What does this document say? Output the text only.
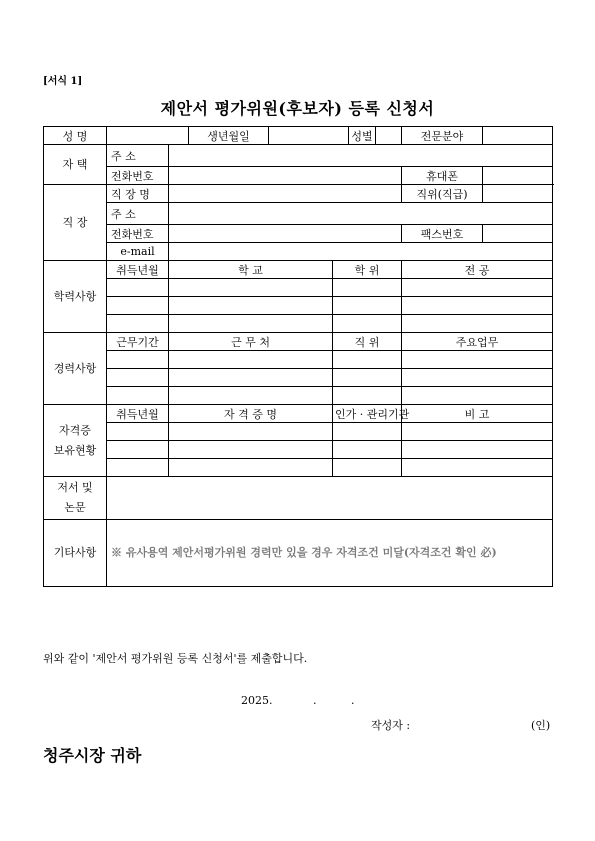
[서식 1]
제안서 평가위원(후보자) 등록 신청서
성 명			생년월일			성별		전문분야	
자 택	주 소								
	전화번호							휴대폰	
직 장	직 장 명							직위(직급)	
	주 소								
	전화번호							팩스번호	
	e-mail								
학력사항	취득년월	학 교			학 위			전 공	

경력사항	근무기간	근 무 처			직 위			주요업무	

자격증
보유현황	취득년월	자 격 증 명			인가 · 관리기관			비 고	

저서 및
논문									
기타사항	※ 유사용역 제안서평가위원 경력만 있을 경우 자격조건 미달(자격조건 확인 必)								
위와 같이 '제안서 평가위원 등록 신청서'를 제출합니다.
2025.	.	.
작성자 :	(인)
청주시장 귀하
